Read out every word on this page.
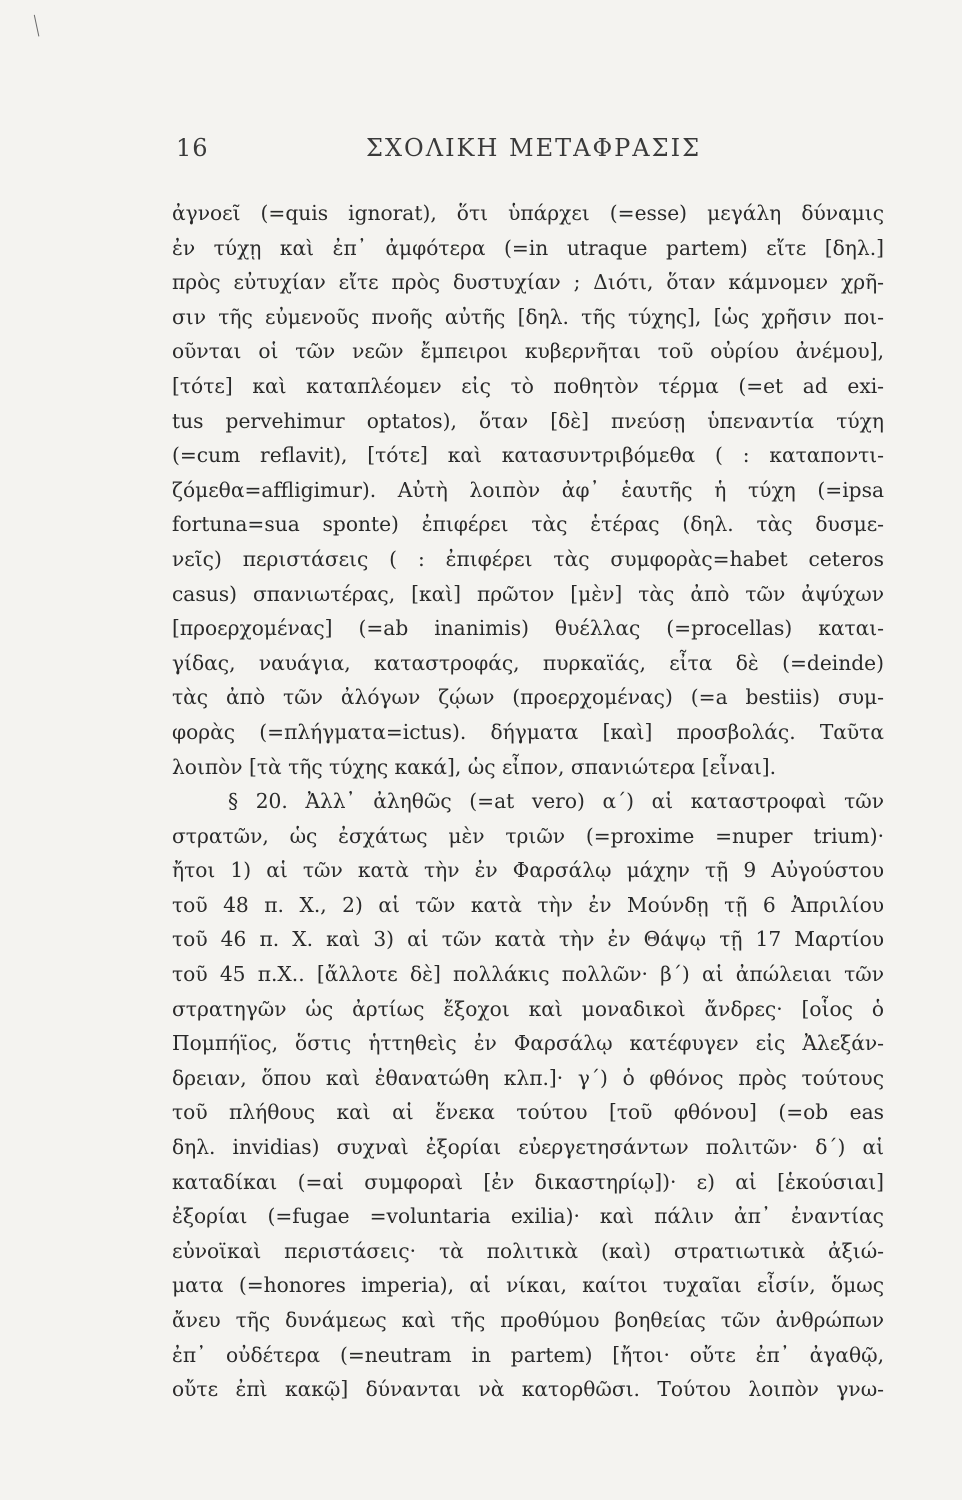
16	ΣΧΟΛΙΚΗ ΜΕΤΑΦΡΑΣΙΣ
ἀγνοεῖ (=quis ignorat), ὅτι ὑπάρχει (=esse) μεγάλη δύναμις
ἐν τύχῃ καὶ ἐπ᾿ ἀμφότερα (=in utraque partem) εἴτε [δηλ.]
πρὸς εὐτυχίαν εἴτε πρὸς δυστυχίαν ; Διότι, ὅταν κάμνομεν χρῆ-
σιν τῆς εὐμενοῦς πνοῆς αὐτῆς [δηλ. τῆς τύχης], [ὡς χρῆσιν ποι-
οῦνται οἱ τῶν νεῶν ἔμπειροι κυβερνῆται τοῦ οὐρίου ἀνέμου],
[τότε] καὶ καταπλέομεν εἰς τὸ ποθητὸν τέρμα (=et ad exi-
tus pervehimur optatos), ὅταν [δὲ] πνεύσῃ ὑπεναντία τύχη
(=cum reflavit), [τότε] καὶ κατασυντριβόμεθα ( : καταποντι-
ζόμεθα=affligimur). Αὐτὴ λοιπὸν ἀφ᾿ ἑαυτῆς ἡ τύχη (=ipsa
fortuna=sua sponte) ἐπιφέρει τὰς ἑτέρας (δηλ. τὰς δυσμε-
νεῖς) περιστάσεις ( : ἐπιφέρει τὰς συμφορὰς=habet ceteros
casus) σπανιωτέρας, [καὶ] πρῶτον [μὲν] τὰς ἀπὸ τῶν ἀψύχων
[προερχομένας] (=ab inanimis) θυέλλας (=procellas) καται-
γίδας, ναυάγια, καταστροφάς, πυρκαϊάς, εἶτα δὲ (=deinde)
τὰς ἀπὸ τῶν ἀλόγων ζῴων (προερχομένας) (=a bestiis) συμ-
φορὰς (=πλήγματα=ictus). δήγματα [καὶ] προσβολάς. Ταῦτα
λοιπὸν [τὰ τῆς τύχης κακά], ὡς εἶπον, σπανιώτερα [εἶναι].
§ 20. Ἀλλ᾿ ἀληθῶς (=at vero) α΄) αἱ καταστροφαὶ τῶν
στρατῶν, ὡς ἐσχάτως μὲν τριῶν (=proxime =nuper trium)·
ἤτοι 1) αἱ τῶν κατὰ τὴν ἐν Φαρσάλῳ μάχην τῇ 9 Αὐγούστου
τοῦ 48 π. Χ., 2) αἱ τῶν κατὰ τὴν ἐν Μούνδῃ τῇ 6 Ἀπριλίου
τοῦ 46 π. Χ. καὶ 3) αἱ τῶν κατὰ τὴν ἐν Θάψῳ τῇ 17 Μαρτίου
τοῦ 45 π.Χ.. [ἄλλοτε δὲ] πολλάκις πολλῶν· β΄) αἱ ἀπώλειαι τῶν
στρατηγῶν ὡς ἀρτίως ἔξοχοι καὶ μοναδικοὶ ἄνδρες· [οἷος ὁ
Πομπήϊος, ὅστις ἡττηθεὶς ἐν Φαρσάλῳ κατέφυγεν εἰς Ἀλεξάν-
δρειαν, ὅπου καὶ ἐθανατώθη κλπ.]· γ΄) ὁ φθόνος πρὸς τούτους
τοῦ πλήθους καὶ αἱ ἕνεκα τούτου [τοῦ φθόνου] (=ob eas
δηλ. invidias) συχναὶ ἐξορίαι εὐεργετησάντων πολιτῶν· δ΄) αἱ
καταδίκαι (=αἱ συμφοραὶ [ἐν δικαστηρίῳ])· ε) αἱ [ἑκούσιαι]
ἐξορίαι (=fugae =voluntaria exilia)· καὶ πάλιν ἀπ᾿ ἐναντίας
εὐνοϊκαὶ περιστάσεις· τὰ πολιτικὰ (καὶ) στρατιωτικὰ ἀξιώ-
ματα (=honores imperia), αἱ νίκαι, καίτοι τυχαῖαι εἶσίν, ὅμως
ἄνευ τῆς δυνάμεως καὶ τῆς προθύμου βοηθείας τῶν ἀνθρώπων
ἐπ᾿ οὐδέτερα (=neutram in partem) [ἤτοι· οὔτε ἐπ᾿ ἀγαθῷ,
οὔτε ἐπὶ κακῷ] δύνανται νὰ κατορθῶσι. Τούτου λοιπὸν γνω-
